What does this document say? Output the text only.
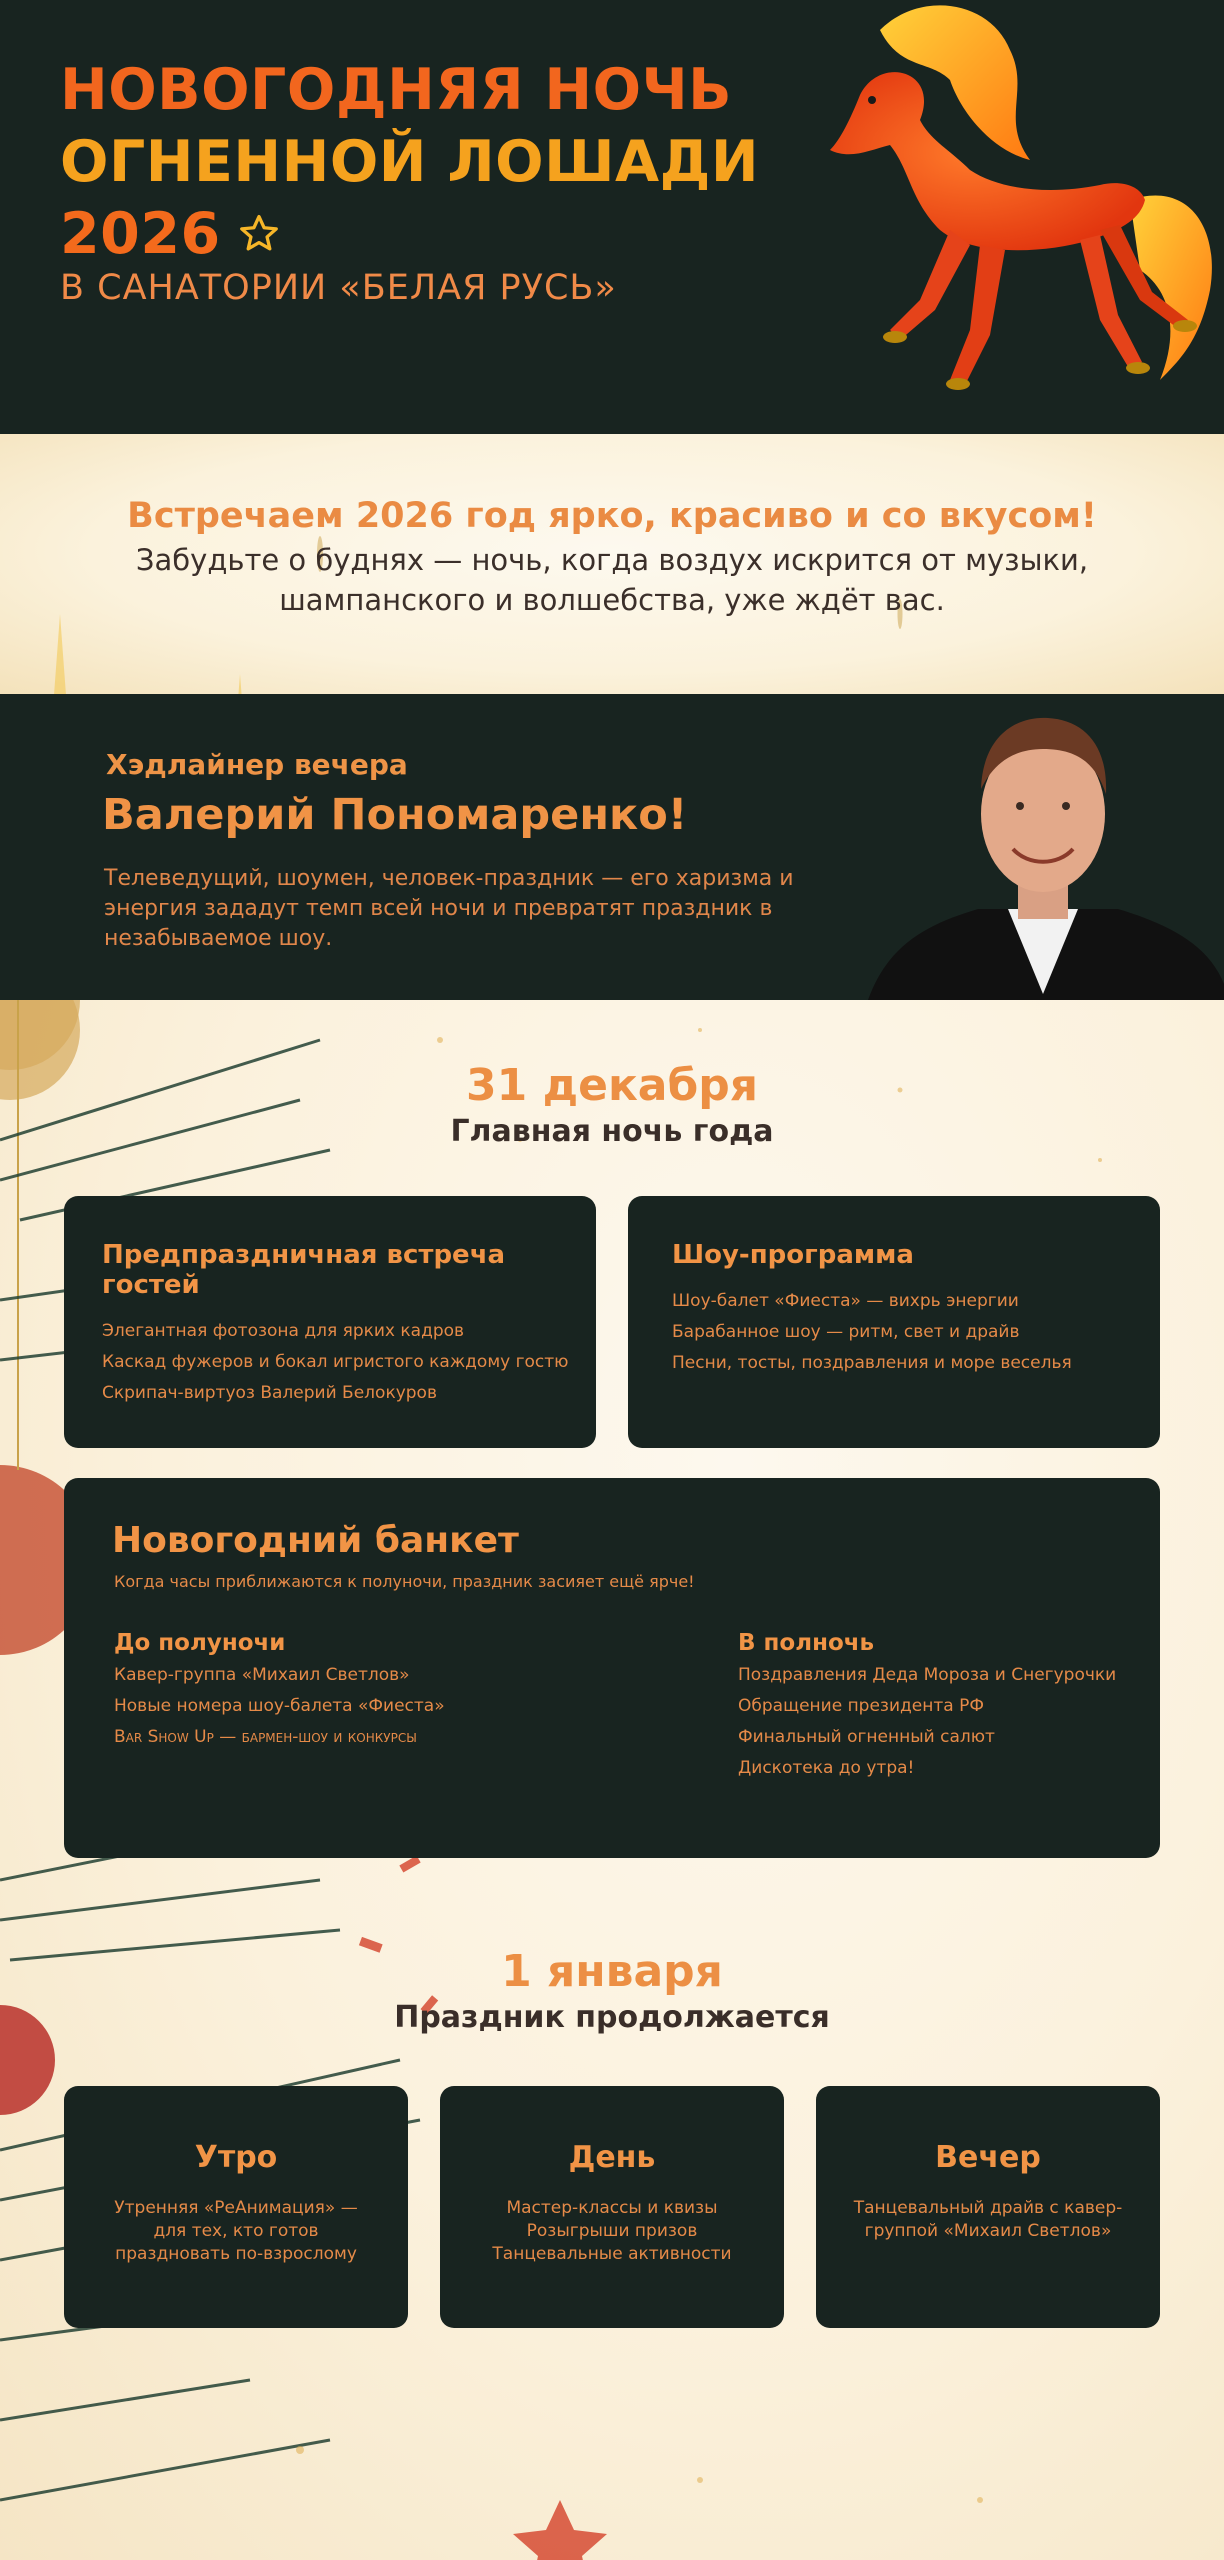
НОВОГОДНЯЯ НОЧЬ
ОГНЕННОЙ ЛОШАДИ
2026
В САНАТОРИИ «БЕЛАЯ РУСЬ»
Встречаем 2026 год ярко, красиво и со вкусом!
Забудьте о буднях — ночь, когда воздух искрится от музыки,
шампанского и волшебства, уже ждёт вас.
Хэдлайнер вечера
Валерий Пономаренко!

Телеведущий, шоумен, человек-праздник — его харизма и энергия зададут темп всей ночи и превратят праздник в незабываемое шоу.

31 декабря
Главная ночь года
Предпраздничная встреча гостей
Элегантная фотозона для ярких кадров
Каскад фужеров и бокал игристого каждому гостю
Скрипач-виртуоз Валерий Белокуров
Шоу-программа
Шоу-балет «Фиеста» — вихрь энергии
Барабанное шоу — ритм, свет и драйв
Песни, тосты, поздравления и море веселья
Новогодний банкет
Когда часы приближаются к полуночи, праздник засияет ещё ярче!
До полуночи
Кавер-группа «Михаил Светлов»
Новые номера шоу-балета «Фиеста»
Bar Show Up — бармен-шоу и конкурсы
В полночь
Поздравления Деда Мороза и Снегурочки
Обращение президента РФ
Финальный огненный салют
Дискотека до утра!
1 января
Праздник продолжается
Утро

Утренняя «РеАнимация» — для тех, кто готов праздновать по-взрослому

День

Мастер-классы и квизы
Розыгрыши призов
Танцевальные активности

Вечер

Танцевальный драйв с кавер-группой «Михаил Светлов»
